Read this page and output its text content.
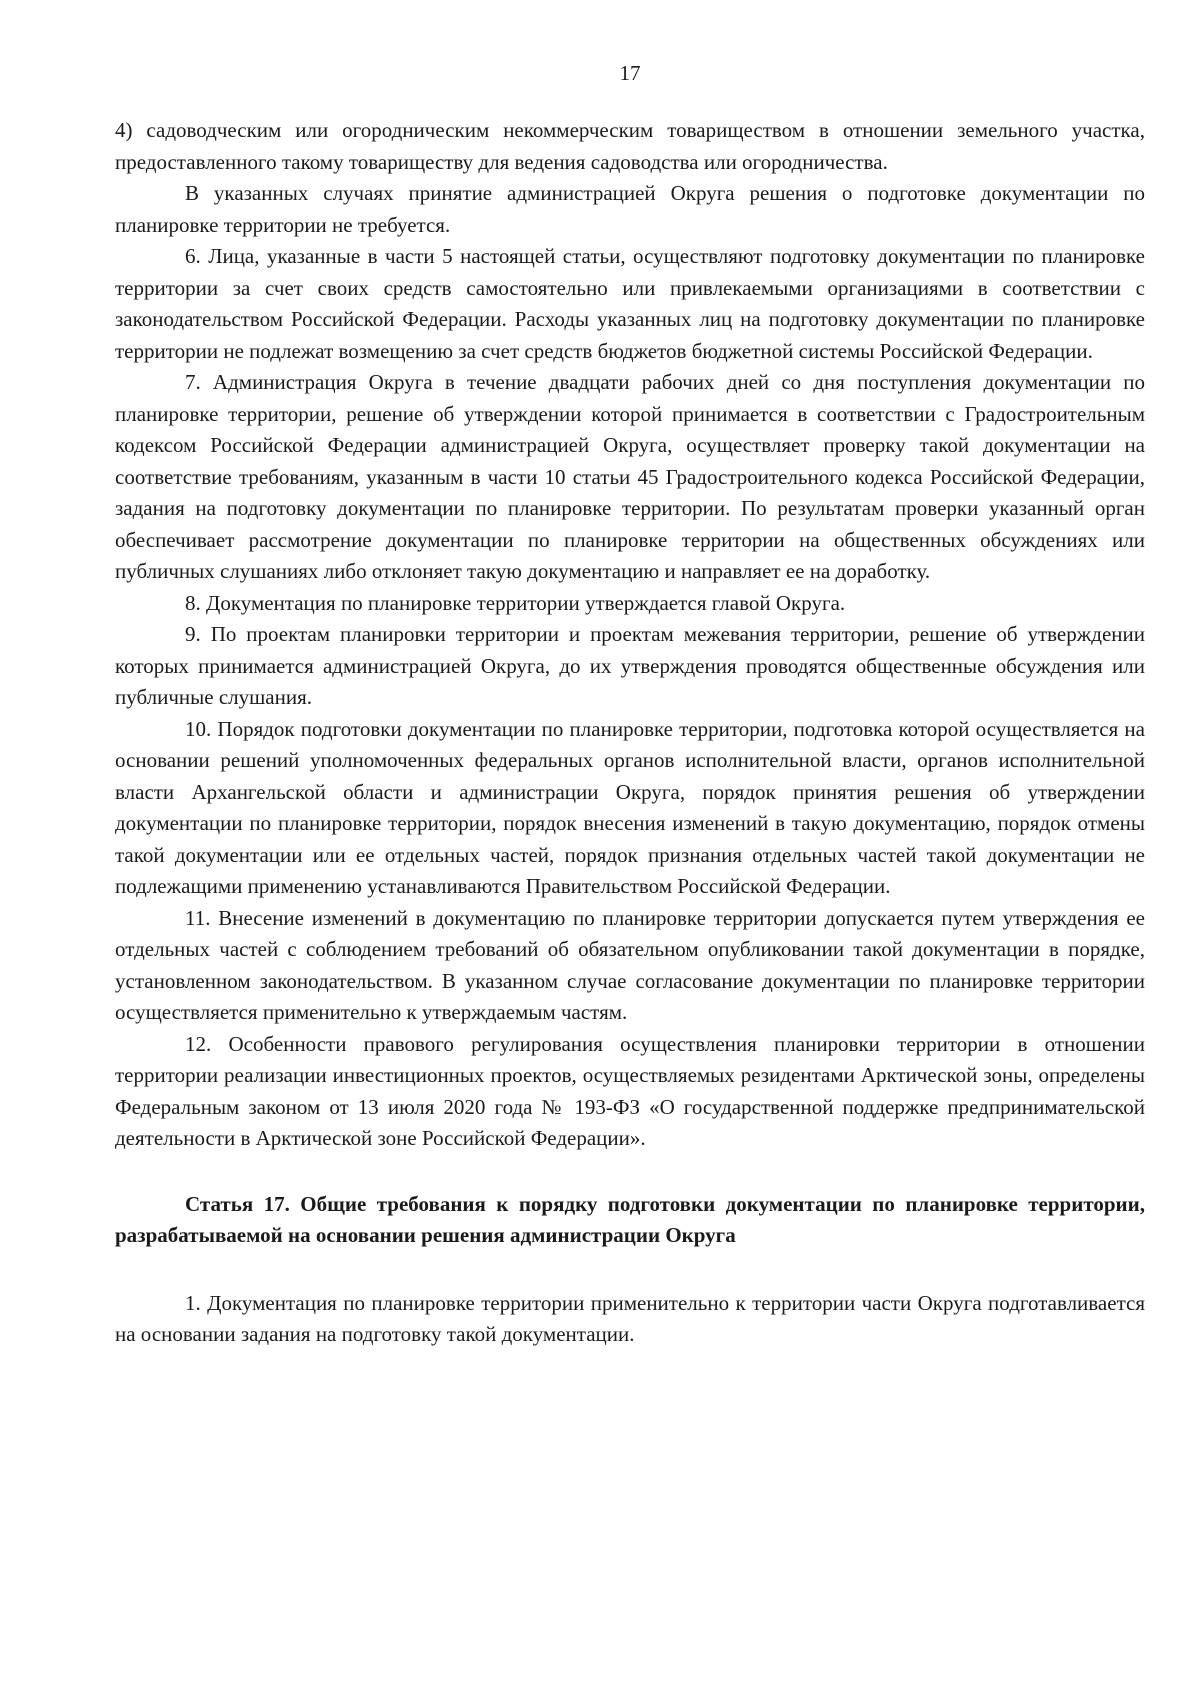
17

4) садоводческим или огородническим некоммерческим товариществом в отношении земельного участка, предоставленного такому товариществу для ведения садоводства или огородничества.

В указанных случаях принятие администрацией Округа решения о подготовке документации по планировке территории не требуется.

6. Лица, указанные в части 5 настоящей статьи, осуществляют подготовку документации по планировке территории за счет своих средств самостоятельно или привлекаемыми организациями в соответствии с законодательством Российской Федерации. Расходы указанных лиц на подготовку документации по планировке территории не подлежат возмещению за счет средств бюджетов бюджетной системы Российской Федерации.

7. Администрация Округа в течение двадцати рабочих дней со дня поступления документации по планировке территории, решение об утверждении которой принимается в соответствии с Градостроительным кодексом Российской Федерации администрацией Округа, осуществляет проверку такой документации на соответствие требованиям, указанным в части 10 статьи 45 Градостроительного кодекса Российской Федерации, задания на подготовку документации по планировке территории. По результатам проверки указанный орган обеспечивает рассмотрение документации по планировке территории на общественных обсуждениях или публичных слушаниях либо отклоняет такую документацию и направляет ее на доработку.

8. Документация по планировке территории утверждается главой Округа.

9. По проектам планировки территории и проектам межевания территории, решение об утверждении которых принимается администрацией Округа, до их утверждения проводятся общественные обсуждения или публичные слушания.

10. Порядок подготовки документации по планировке территории, подготовка которой осуществляется на основании решений уполномоченных федеральных органов исполнительной власти, органов исполнительной власти Архангельской области и администрации Округа, порядок принятия решения об утверждении документации по планировке территории, порядок внесения изменений в такую документацию, порядок отмены такой документации или ее отдельных частей, порядок признания отдельных частей такой документации не подлежащими применению устанавливаются Правительством Российской Федерации.

11. Внесение изменений в документацию по планировке территории допускается путем утверждения ее отдельных частей с соблюдением требований об обязательном опубликовании такой документации в порядке, установленном законодательством. В указанном случае согласование документации по планировке территории осуществляется применительно к утверждаемым частям.

12. Особенности правового регулирования осуществления планировки территории в отношении территории реализации инвестиционных проектов, осуществляемых резидентами Арктической зоны, определены Федеральным законом от 13 июля 2020 года № 193-ФЗ «О государственной поддержке предпринимательской деятельности в Арктической зоне Российской Федерации».

Статья 17. Общие требования к порядку подготовки документации по планировке территории, разрабатываемой на основании решения администрации Округа

1. Документация по планировке территории применительно к территории части Округа подготавливается на основании задания на подготовку такой документации.
